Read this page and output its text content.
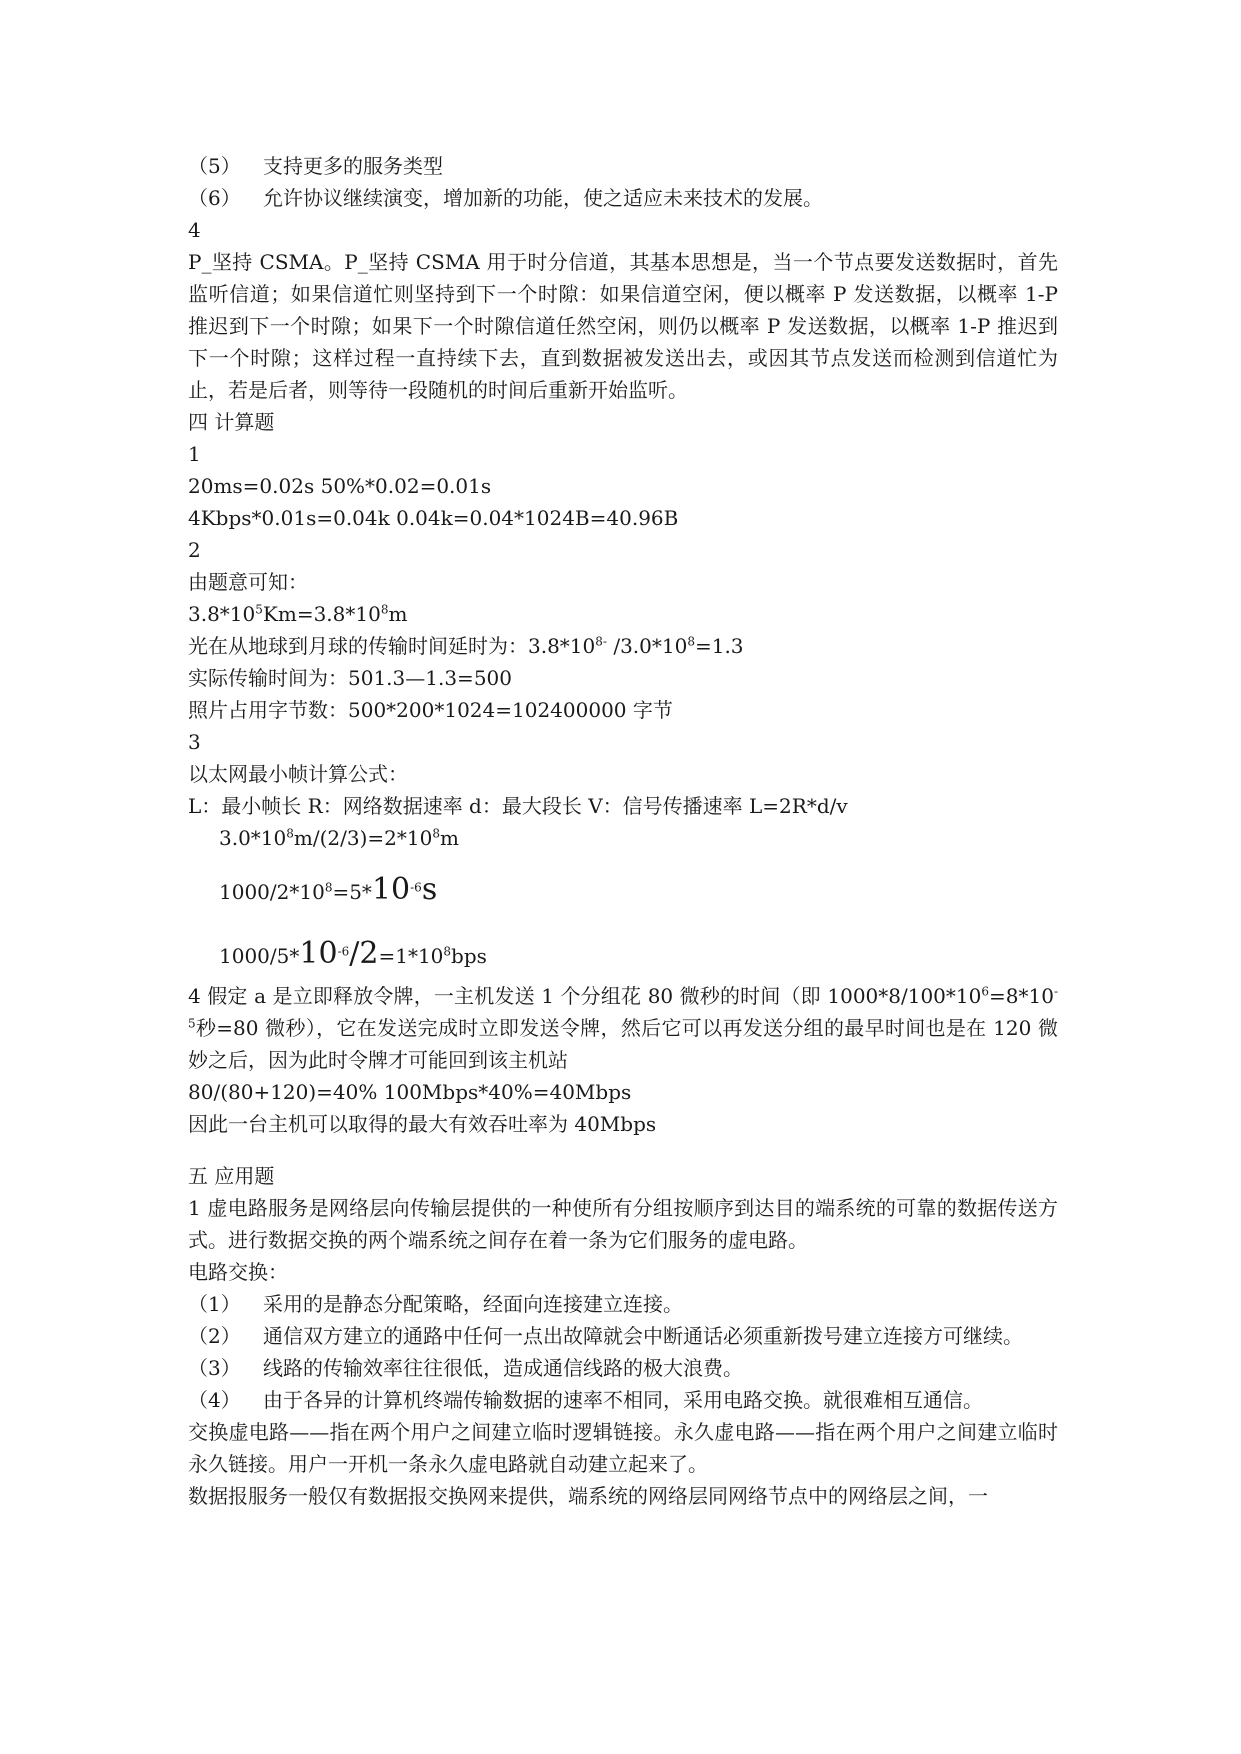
（5）	支持更多的服务类型
（6）	允许协议继续演变，增加新的功能，使之适应未来技术的发展。
4
P_坚持 CSMA。P_坚持 CSMA 用于时分信道，其基本思想是，当一个节点要发送数据时，首先监听信道；如果信道忙则坚持到下一个时隙：如果信道空闲，便以概率 P 发送数据，以概率 1-P 推迟到下一个时隙；如果下一个时隙信道任然空闲，则仍以概率 P 发送数据，以概率 1-P 推迟到下一个时隙；这样过程一直持续下去，直到数据被发送出去，或因其节点发送而检测到信道忙为止，若是后者，则等待一段随机的时间后重新开始监听。
四 计算题
1
20ms=0.02s 50%*0.02=0.01s
4Kbps*0.01s=0.04k 0.04k=0.04*1024B=40.96B
2
由题意可知：
$3.8*10^5Km=3.8*10^8m$
光在从地球到月球的传输时间延时为：$3.8*10^{8-}$ $/3.0*10^8=1.3$
实际传输时间为：501.3—1.3=500
照片占用字节数：500*200*1024=102400000 字节
3
以太网最小帧计算公式：
L：最小帧长 R：网络数据速率 d：最大段长 V：信号传播速率 L=2R*d/v
$3.0*10^8m/(2/3)=2*10^8m$
$1000/2*10^8=5*10^{-6}s$
$1000/5*10^{-6}/2=1*10^8bps$
4 假定 a 是立即释放令牌，一主机发送 1 个分组花 80 微秒的时间（即 $1000*8/100*10^6=8*10^{-5}$秒=80 微秒），它在发送完成时立即发送令牌，然后它可以再发送分组的最早时间也是在 120 微妙之后，因为此时令牌才可能回到该主机站
80/(80+120)=40% 100Mbps*40%=40Mbps
因此一台主机可以取得的最大有效吞吐率为 40Mbps
五 应用题
1 虚电路服务是网络层向传输层提供的一种使所有分组按顺序到达目的端系统的可靠的数据传送方式。进行数据交换的两个端系统之间存在着一条为它们服务的虚电路。
电路交换：
（1）	采用的是静态分配策略，经面向连接建立连接。
（2）	通信双方建立的通路中任何一点出故障就会中断通话必须重新拨号建立连接方可继续。
（3）	线路的传输效率往往很低，造成通信线路的极大浪费。
（4）	由于各异的计算机终端传输数据的速率不相同，采用电路交换。就很难相互通信。
交换虚电路——指在两个用户之间建立临时逻辑链接。永久虚电路——指在两个用户之间建立临时永久链接。用户一开机一条永久虚电路就自动建立起来了。
数据报服务一般仅有数据报交换网来提供，端系统的网络层同网络节点中的网络层之间，一
